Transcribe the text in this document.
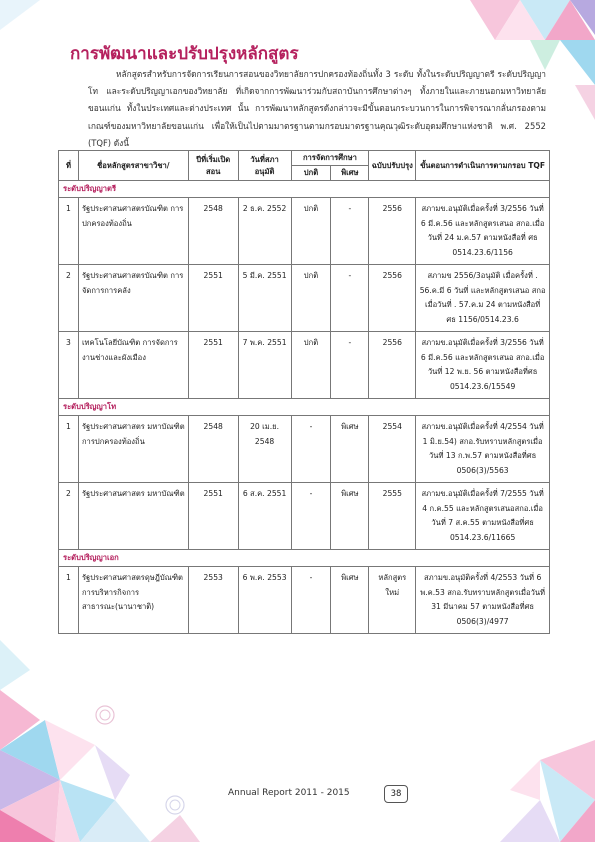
การพัฒนาและปรับปรุงหลักสูตร

หลักสูตรสำหรับการจัดการเรียนการสอนของวิทยาลัยการปกครองท้องถิ่นทั้ง 3 ระดับ ทั้งในระดับปริญญาตรี ระดับปริญญาโท และระดับปริญญาเอกของวิทยาลัย ที่เกิดจากการพัฒนาร่วมกับสถาบันการศึกษาต่างๆ ทั้งภายในและภายนอกมหาวิทยาลัยขอนแก่น ทั้งในประเทศและต่างประเทศ นั้น การพัฒนาหลักสูตรดังกล่าวจะมีขั้นตอนกระบวนการในการพิจารณากลั่นกรองตามเกณฑ์ของมหาวิทยาลัยขอนแก่น เพื่อให้เป็นไปตามมาตรฐานตามกรอบมาตรฐานคุณวุฒิระดับอุดมศึกษาแห่งชาติ พ.ศ. 2552 (TQF) ดังนี้

ที่	ชื่อหลักสูตรสาขาวิชา/	ปีที่เริ่มเปิดสอน	วันที่สภาอนุมัติ	การจัดการศึกษา		ฉบับปรับปรุง	ขั้นตอนการดำเนินการตามกรอบ TQF
				ปกติ	พิเศษ		
ระดับปริญญาตรี							
1	รัฐประศาสนศาสตรบัณฑิต การปกครองท้องถิ่น	2548	2 ธ.ค. 2552	ปกติ	-	2556	สภามข.อนุมัติเมื่อครั้งที่ 3/2556 วันที่ 6 มี.ค.56 และหลักสูตรเสนอ สกอ.เมื่อวันที่ 24 ม.ค.57 ตามหนังสือที่ ศธ 0514.23.6/1156
2	รัฐประศาสนศาสตรบัณฑิต การจัดการการคลัง	2551	5 มี.ค. 2551	ปกติ	-	2556	สภามข 2556/3อนุมัติ เมื่อครั้งที่ . 56.ค.มี 6 วันที่ และหลักสูตรเสนอ สกอเมื่อวันที่ . 57.ค.ม 24 ตามหนังสือที่ ศธ 1156/0514.23.6
3	เทคโนโลยีบัณฑิต การจัดการงานช่างและผังเมือง	2551	7 พ.ค. 2551	ปกติ	-	2556	สภามข.อนุมัติเมื่อครั้งที่ 3/2556 วันที่ 6 มี.ค.56 และหลักสูตรเสนอ สกอ.เมื่อวันที่ 12 พ.ย. 56 ตามหนังสือที่ศธ 0514.23.6/15549
ระดับปริญญาโท							
1	รัฐประศาสนศาสตร มหาบัณฑิต การปกครองท้องถิ่น	2548	20 เม.ย. 2548	-	พิเศษ	2554	สภามข.อนุมัติเมื่อครั้งที่ 4/2554 วันที่ 1 มิ.ย.54) สกอ.รับทราบหลักสูตรเมื่อวันที่ 13 ก.พ.57 ตามหนังสือที่ศธ 0506(3)/5563
2	รัฐประศาสนศาสตร มหาบัณฑิต	2551	6 ส.ค. 2551	-	พิเศษ	2555	สภามข.อนุมัติเมื่อครั้งที่ 7/2555 วันที่ 4 ก.ค.55 และหลักสูตรเสนอสกอ.เมื่อวันที่ 7 ส.ค.55 ตามหนังสือที่ศธ 0514.23.6/11665
ระดับปริญญาเอก							
1	รัฐประศาสนศาสตรดุษฎีบัณฑิต การบริหารกิจการสาธารณะ(นานาชาติ)	2553	6 พ.ค. 2553	-	พิเศษ	หลักสูตรใหม่	สภามข.อนุมัติครั้งที่ 4/2553 วันที่ 6 พ.ค.53 สกอ.รับทราบหลักสูตรเมื่อวันที่ 31 มีนาคม 57 ตามหนังสือที่ศธ 0506(3)/4977
Annual Report 2011 - 2015	38
